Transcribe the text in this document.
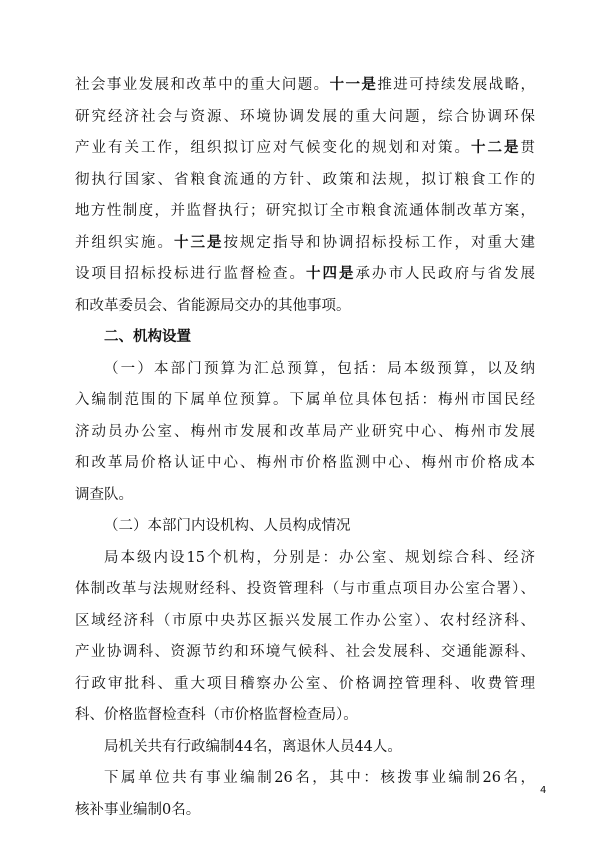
社会事业发展和改革中的重大问题。十一是推进可持续发展战略，
研究经济社会与资源、环境协调发展的重大问题，综合协调环保
产业有关工作，组织拟订应对气候变化的规划和对策。十二是贯
彻执行国家、省粮食流通的方针、政策和法规，拟订粮食工作的
地方性制度，并监督执行；研究拟订全市粮食流通体制改革方案，
并组织实施。十三是按规定指导和协调招标投标工作，对重大建
设项目招标投标进行监督检查。十四是承办市人民政府与省发展
和改革委员会、省能源局交办的其他事项。
二、机构设置
（一）本部门预算为汇总预算，包括：局本级预算，以及纳
入编制范围的下属单位预算。下属单位具体包括：梅州市国民经
济动员办公室、梅州市发展和改革局产业研究中心、梅州市发展
和改革局价格认证中心、梅州市价格监测中心、梅州市价格成本
调查队。
（二）本部门内设机构、人员构成情况
局本级内设15个机构，分别是：办公室、规划综合科、经济
体制改革与法规财经科、投资管理科（与市重点项目办公室合署）、
区域经济科（市原中央苏区振兴发展工作办公室）、农村经济科、
产业协调科、资源节约和环境气候科、社会发展科、交通能源科、
行政审批科、重大项目稽察办公室、价格调控管理科、收费管理
科、价格监督检查科（市价格监督检查局）。
局机关共有行政编制44名，离退休人员44人。
下属单位共有事业编制26名，其中：核拨事业编制26名，
核补事业编制0名。
4
